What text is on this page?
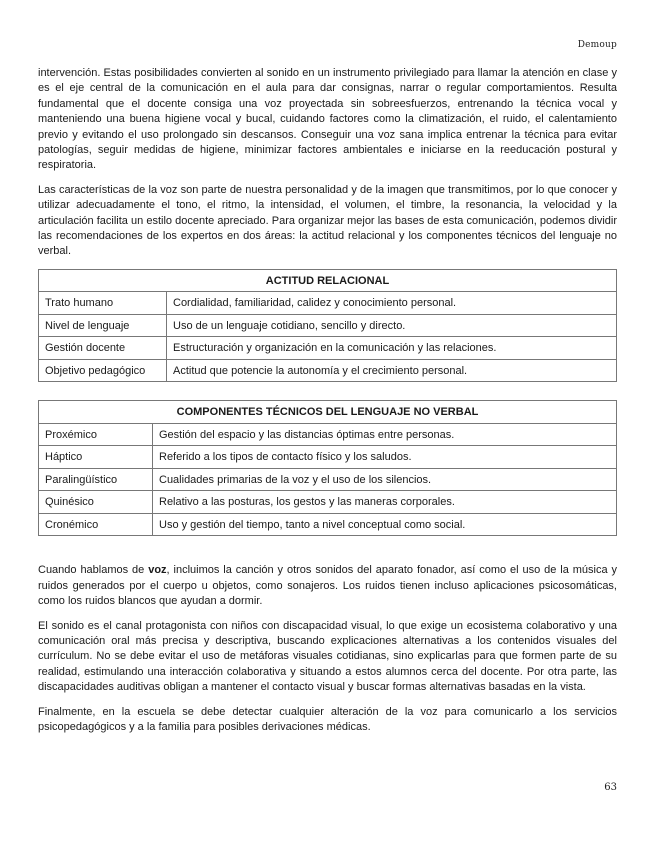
Demoup

intervención. Estas posibilidades convierten al sonido en un instrumento privilegiado para llamar la atención en clase y es el eje central de la comunicación en el aula para dar consignas, narrar o regular comportamientos. Resulta fundamental que el docente consiga una voz proyectada sin sobreesfuerzos, entrenando la técnica vocal y manteniendo una buena higiene vocal y bucal, cuidando factores como la climatización, el ruido, el calentamiento previo y evitando el uso prolongado sin descansos. Conseguir una voz sana implica entrenar la técnica para evitar patologías, seguir medidas de higiene, minimizar factores ambientales e iniciarse en la reeducación postural y respiratoria.

Las características de la voz son parte de nuestra personalidad y de la imagen que transmitimos, por lo que conocer y utilizar adecuadamente el tono, el ritmo, la intensidad, el volumen, el timbre, la resonancia, la velocidad y la articulación facilita un estilo docente apreciado. Para organizar mejor las bases de esta comunicación, podemos dividir las recomendaciones de los expertos en dos áreas: la actitud relacional y los componentes técnicos del lenguaje no verbal.

ACTITUD RELACIONAL	
Trato humano	Cordialidad, familiaridad, calidez y conocimiento personal.
Nivel de lenguaje	Uso de un lenguaje cotidiano, sencillo y directo.
Gestión docente	Estructuración y organización en la comunicación y las relaciones.
Objetivo pedagógico	Actitud que potencie la autonomía y el crecimiento personal.
COMPONENTES TÉCNICOS DEL LENGUAJE NO VERBAL	
Proxémico	Gestión del espacio y las distancias óptimas entre personas.
Háptico	Referido a los tipos de contacto físico y los saludos.
Paralingüístico	Cualidades primarias de la voz y el uso de los silencios.
Quinésico	Relativo a las posturas, los gestos y las maneras corporales.
Cronémico	Uso y gestión del tiempo, tanto a nivel conceptual como social.

Cuando hablamos de voz, incluimos la canción y otros sonidos del aparato fonador, así como el uso de la música y ruidos generados por el cuerpo u objetos, como sonajeros. Los ruidos tienen incluso aplicaciones psicosomáticas, como los ruidos blancos que ayudan a dormir.

El sonido es el canal protagonista con niños con discapacidad visual, lo que exige un ecosistema colaborativo y una comunicación oral más precisa y descriptiva, buscando explicaciones alternativas a los contenidos visuales del currículum. No se debe evitar el uso de metáforas visuales cotidianas, sino explicarlas para que formen parte de su realidad, estimulando una interacción colaborativa y situando a estos alumnos cerca del docente. Por otra parte, las discapacidades auditivas obligan a mantener el contacto visual y buscar formas alternativas basadas en la vista.

Finalmente, en la escuela se debe detectar cualquier alteración de la voz para comunicarlo a los servicios psicopedagógicos y a la familia para posibles derivaciones médicas.

63
